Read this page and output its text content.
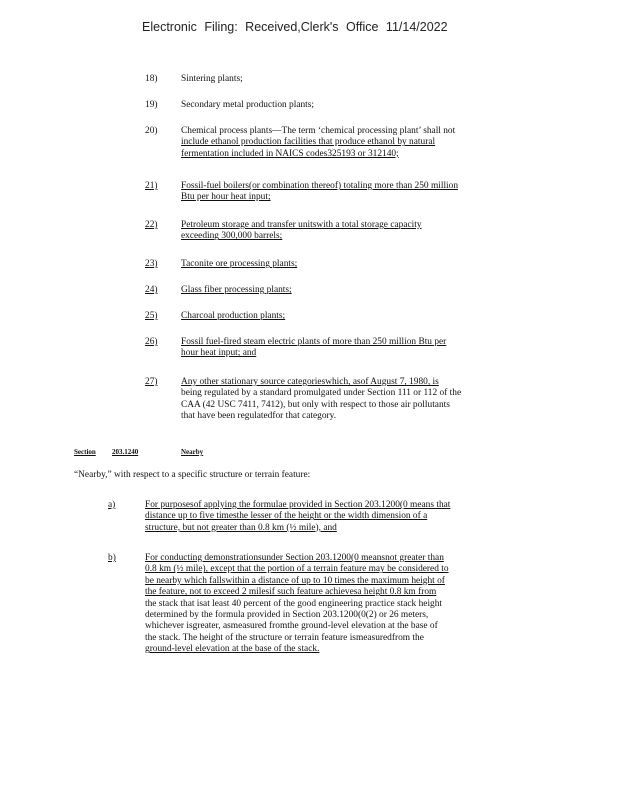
Electronic Filing: Received,Clerk's Office 11/14/2022
18)	Sintering plants;
19)	Secondary metal production plants;
20)	Chemical process plants—The term ‘chemical processing plant’ shall not
include ethanol production facilities that produce ethanol by natural
fermentation included in NAICS codes325193 or 312140;
21)	Fossil-fuel boilers(or combination thereof) totaling more than 250 million
Btu per hour heat input;
22)	Petroleum storage and transfer unitswith a total storage capacity
exceeding 300,000 barrels;
23)	Taconite ore processing plants;
24)	Glass fiber processing plants;
25)	Charcoal production plants;
26)	Fossil fuel-fired steam electric plants of more than 250 million Btu per
hour heat input; and
27)	Any other stationary source categorieswhich, asof August 7, 1980, is
being regulated by a standard promulgated under Section 111 or 112 of the
CAA (42 USC 7411, 7412), but only with respect to those air pollutants
that have been regulatedfor that category.
Section 203.1240	Nearby
“Nearby,” with respect to a specific structure or terrain feature:
a)	For purposesof applying the formulae provided in Section 203.1200(0 means that
distance up to five timesthe lesser of the height or the width dimension of a
structure, but not greater than 0.8 km (½ mile), and
b)	For conducting demonstrationsunder Section 203.1200(0 meansnot greater than
0.8 km (½ mile), except that the portion of a terrain feature may be considered to
be nearby which fallswithin a distance of up to 10 times the maximum height of
the feature, not to exceed 2 milesif such feature achievesa height 0.8 km from
the stack that isat least 40 percent of the good engineering practice stack height
determined by the formula provided in Section 203.1200(0(2) or 26 meters,
whichever isgreater, asmeasured fromthe ground-level elevation at the base of
the stack. The height of the structure or terrain feature ismeasuredfrom the
ground-level elevation at the base of the stack.
